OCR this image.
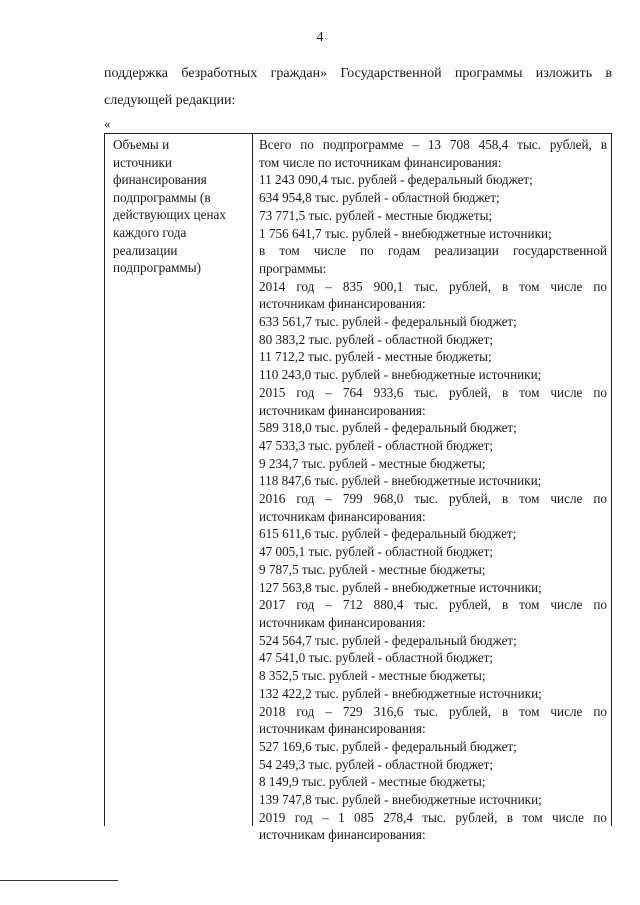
4
поддержка безработных граждан» Государственной программы изложить в
следующей редакции:
«
Объемы и
источники
финансирования
подпрограммы (в
действующих ценах
каждого года
реализации
подпрограммы)
Всего по подпрограмме – 13 708 458,4 тыс. рублей, в
том числе по источникам финансирования:
11 243 090,4 тыс. рублей - федеральный бюджет;
634 954,8 тыс. рублей - областной бюджет;
73 771,5 тыс. рублей - местные бюджеты;
1 756 641,7 тыс. рублей - внебюджетные источники;
в том числе по годам реализации государственной
программы:
2014 год – 835 900,1 тыс. рублей, в том числе по
источникам финансирования:
633 561,7 тыс. рублей - федеральный бюджет;
80 383,2 тыс. рублей - областной бюджет;
11 712,2 тыс. рублей - местные бюджеты;
110 243,0 тыс. рублей - внебюджетные источники;
2015 год – 764 933,6 тыс. рублей, в том числе по
источникам финансирования:
589 318,0 тыс. рублей - федеральный бюджет;
47 533,3 тыс. рублей - областной бюджет;
9 234,7 тыс. рублей - местные бюджеты;
118 847,6 тыс. рублей - внебюджетные источники;
2016 год – 799 968,0 тыс. рублей, в том числе по
источникам финансирования:
615 611,6 тыс. рублей - федеральный бюджет;
47 005,1 тыс. рублей - областной бюджет;
9 787,5 тыс. рублей - местные бюджеты;
127 563,8 тыс. рублей - внебюджетные источники;
2017 год – 712 880,4 тыс. рублей, в том числе по
источникам финансирования:
524 564,7 тыс. рублей - федеральный бюджет;
47 541,0 тыс. рублей - областной бюджет;
8 352,5 тыс. рублей - местные бюджеты;
132 422,2 тыс. рублей - внебюджетные источники;
2018 год – 729 316,6 тыс. рублей, в том числе по
источникам финансирования:
527 169,6 тыс. рублей - федеральный бюджет;
54 249,3 тыс. рублей - областной бюджет;
8 149,9 тыс. рублей - местные бюджеты;
139 747,8 тыс. рублей - внебюджетные источники;
2019 год – 1 085 278,4 тыс. рублей, в том числе по
источникам финансирования:
